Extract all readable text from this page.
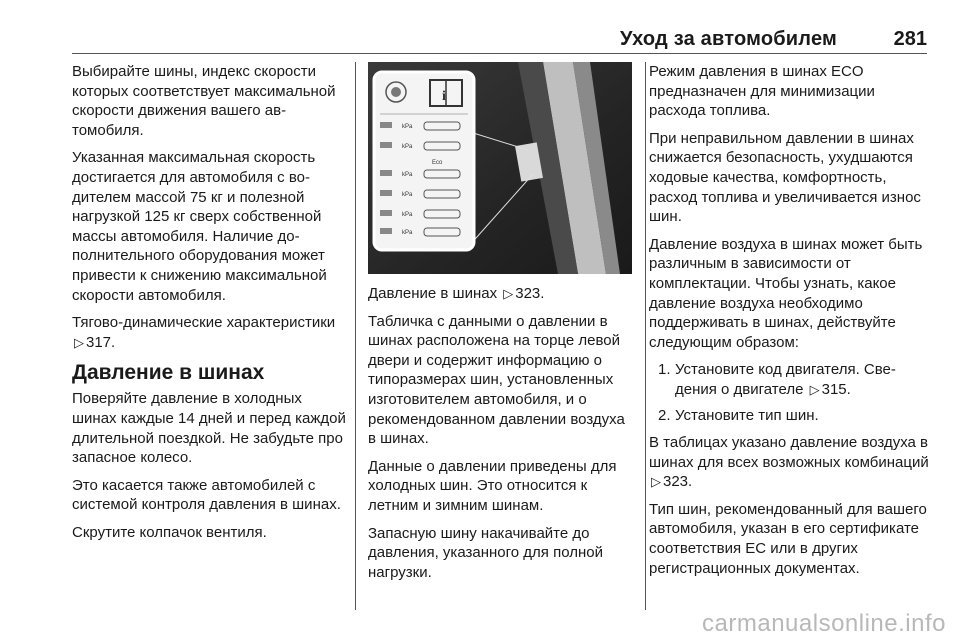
Уход за автомобилем	281

Выбирайте шины, индекс скорости которых соответствует максимальной скорости движения вашего автомобиля.

Указанная максимальная скорость достигается для автомобиля с водителем массой 75 кг и полезной нагрузкой 125 кг сверх собственной массы автомобиля. Наличие дополнительного оборудования может привести к снижению максимальной скорости автомобиля.

Тягово-динамические характеристики ▷ 317.

Давление в шинах

Поверяйте давление в холодных шинах каждые 14 дней и перед каждой длительной поездкой. Не забудьте про запасное колесо.

Это касается также автомобилей с системой контроля давления в шинах.

Скрутите колпачок вентиля.

i
kPa
kPa
Eco
kPa
kPa
kPa
kPa

Давление в шинах ▷ 323.

Табличка с данными о давлении в шинах расположена на торце левой двери и содержит информацию о типоразмерах шин, установленных изготовителем автомобиля, и о рекомендованном давлении воздуха в шинах.

Данные о давлении приведены для холодных шин. Это относится к летним и зимним шинам.

Запасную шину накачивайте до давления, указанного для полной нагрузки.

Режим давления в шинах ECO предназначен для минимизации расхода топлива.

При неправильном давлении в шинах снижается безопасность, ухудшаются ходовые качества, комфортность, расход топлива и увеличивается износ шин.

Давление воздуха в шинах может быть различным в зависимости от комплектации. Чтобы узнать, какое давление воздуха необходимо поддерживать в шинах, действуйте следующим образом:

1. Установите код двигателя. Сведения о двигателе ▷ 315.
2. Установите тип шин.

В таблицах указано давление воздуха в шинах для всех возможных комбинаций ▷ 323.

Тип шин, рекомендованный для вашего автомобиля, указан в его сертификате соответствия ЕС или в других регистрационных документах.

carmanualsonline.info
